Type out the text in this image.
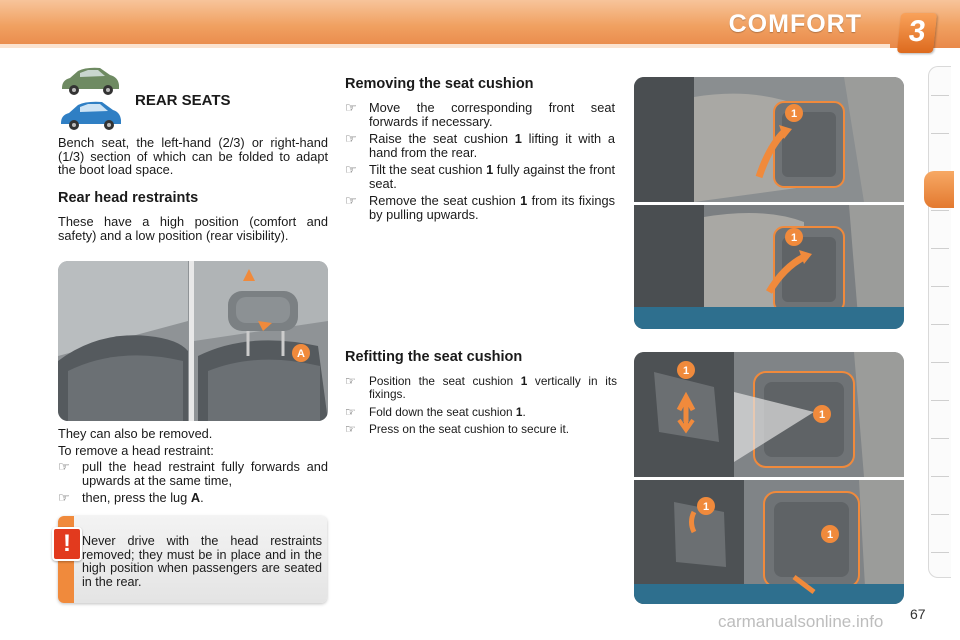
COMFORT	3
REAR SEATS
Bench seat, the left-hand (2/3) or right-hand (1/3) section of which can be folded to adapt the boot load space.
Rear head restraints
These have a high position (comfort and safety) and a low position (rear visibility).
A
They can also be removed.
To remove a head restraint:
☞ pull the head restraint fully forwards and upwards at the same time,
☞ then, press the lug A.
! Never drive with the head restraints removed; they must be in place and in the high position when passengers are seated in the rear.
Removing the seat cushion
☞ Move the corresponding front seat forwards if necessary.
☞ Raise the seat cushion 1 lifting it with a hand from the rear.
☞ Tilt the seat cushion 1 fully against the front seat.
☞ Remove the seat cushion 1 from its fixings by pulling upwards.
Refitting the seat cushion
☞ Position the seat cushion 1 vertically in its fixings.
☞ Fold down the seat cushion 1.
☞ Press on the seat cushion to secure it.
1
1
1
1
1
1
carmanualsonline.info 67
